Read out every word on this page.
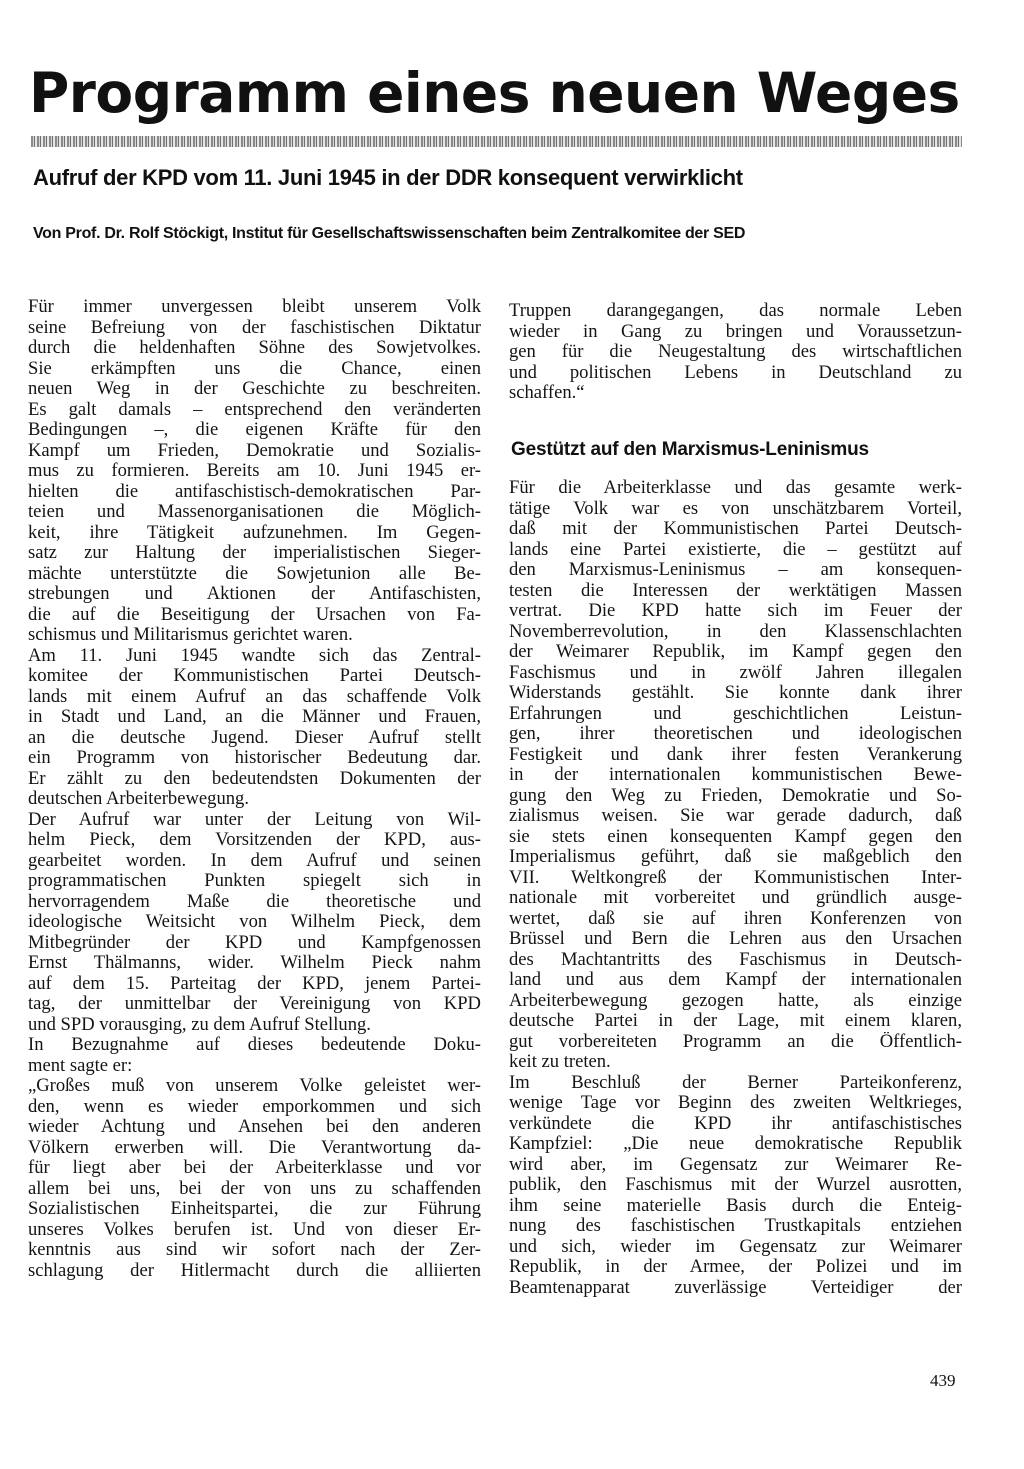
Programm eines neuen Weges
Aufruf der KPD vom 11. Juni 1945 in der DDR konsequent verwirklicht

Von Prof. Dr. Rolf Stöckigt, Institut für Gesellschaftswissenschaften beim Zentralkomitee der SED

Für immer unvergessen bleibt unserem Volk
seine Befreiung von der faschistischen Diktatur
durch die heldenhaften Söhne des Sowjetvolkes.
Sie erkämpften uns die Chance, einen
neuen Weg in der Geschichte zu beschreiten.
Es galt damals – entsprechend den veränderten
Bedingungen –, die eigenen Kräfte für den
Kampf um Frieden, Demokratie und Sozialis-
mus zu formieren. Bereits am 10. Juni 1945 er-
hielten die antifaschistisch-demokratischen Par-
teien und Massenorganisationen die Möglich-
keit, ihre Tätigkeit aufzunehmen. Im Gegen-
satz zur Haltung der imperialistischen Sieger-
mächte unterstützte die Sowjetunion alle Be-
strebungen und Aktionen der Antifaschisten,
die auf die Beseitigung der Ursachen von Fa-
schismus und Militarismus gerichtet waren.
Am 11. Juni 1945 wandte sich das Zentral-
komitee der Kommunistischen Partei Deutsch-
lands mit einem Aufruf an das schaffende Volk
in Stadt und Land, an die Männer und Frauen,
an die deutsche Jugend. Dieser Aufruf stellt
ein Programm von historischer Bedeutung dar.
Er zählt zu den bedeutendsten Dokumenten der
deutschen Arbeiterbewegung.
Der Aufruf war unter der Leitung von Wil-
helm Pieck, dem Vorsitzenden der KPD, aus-
gearbeitet worden. In dem Aufruf und seinen
programmatischen Punkten spiegelt sich in
hervorragendem Maße die theoretische und
ideologische Weitsicht von Wilhelm Pieck, dem
Mitbegründer der KPD und Kampfgenossen
Ernst Thälmanns, wider. Wilhelm Pieck nahm
auf dem 15. Parteitag der KPD, jenem Partei-
tag, der unmittelbar der Vereinigung von KPD
und SPD vorausging, zu dem Aufruf Stellung.
In Bezugnahme auf dieses bedeutende Doku-
ment sagte er:
„Großes muß von unserem Volke geleistet wer-
den, wenn es wieder emporkommen und sich
wieder Achtung und Ansehen bei den anderen
Völkern erwerben will. Die Verantwortung da-
für liegt aber bei der Arbeiterklasse und vor
allem bei uns, bei der von uns zu schaffenden
Sozialistischen Einheitspartei, die zur Führung
unseres Volkes berufen ist. Und von dieser Er-
kenntnis aus sind wir sofort nach der Zer-
schlagung der Hitlermacht durch die alliierten
Truppen darangegangen, das normale Leben
wieder in Gang zu bringen und Voraussetzun-
gen für die Neugestaltung des wirtschaftlichen
und politischen Lebens in Deutschland zu
schaffen.“
Gestützt auf den Marxismus-Leninismus
Für die Arbeiterklasse und das gesamte werk-
tätige Volk war es von unschätzbarem Vorteil,
daß mit der Kommunistischen Partei Deutsch-
lands eine Partei existierte, die – gestützt auf
den Marxismus-Leninismus – am konsequen-
testen die Interessen der werktätigen Massen
vertrat. Die KPD hatte sich im Feuer der
Novemberrevolution, in den Klassenschlachten
der Weimarer Republik, im Kampf gegen den
Faschismus und in zwölf Jahren illegalen
Widerstands gestählt. Sie konnte dank ihrer
Erfahrungen und geschichtlichen Leistun-
gen, ihrer theoretischen und ideologischen
Festigkeit und dank ihrer festen Verankerung
in der internationalen kommunistischen Bewe-
gung den Weg zu Frieden, Demokratie und So-
zialismus weisen. Sie war gerade dadurch, daß
sie stets einen konsequenten Kampf gegen den
Imperialismus geführt, daß sie maßgeblich den
VII. Weltkongreß der Kommunistischen Inter-
nationale mit vorbereitet und gründlich ausge-
wertet, daß sie auf ihren Konferenzen von
Brüssel und Bern die Lehren aus den Ursachen
des Machtantritts des Faschismus in Deutsch-
land und aus dem Kampf der internationalen
Arbeiterbewegung gezogen hatte, als einzige
deutsche Partei in der Lage, mit einem klaren,
gut vorbereiteten Programm an die Öffentlich-
keit zu treten.
Im Beschluß der Berner Parteikonferenz,
wenige Tage vor Beginn des zweiten Weltkrieges,
verkündete die KPD ihr antifaschistisches
Kampfziel: „Die neue demokratische Republik
wird aber, im Gegensatz zur Weimarer Re-
publik, den Faschismus mit der Wurzel ausrotten,
ihm seine materielle Basis durch die Enteig-
nung des faschistischen Trustkapitals entziehen
und sich, wieder im Gegensatz zur Weimarer
Republik, in der Armee, der Polizei und im
Beamtenapparat zuverlässige Verteidiger der
439
